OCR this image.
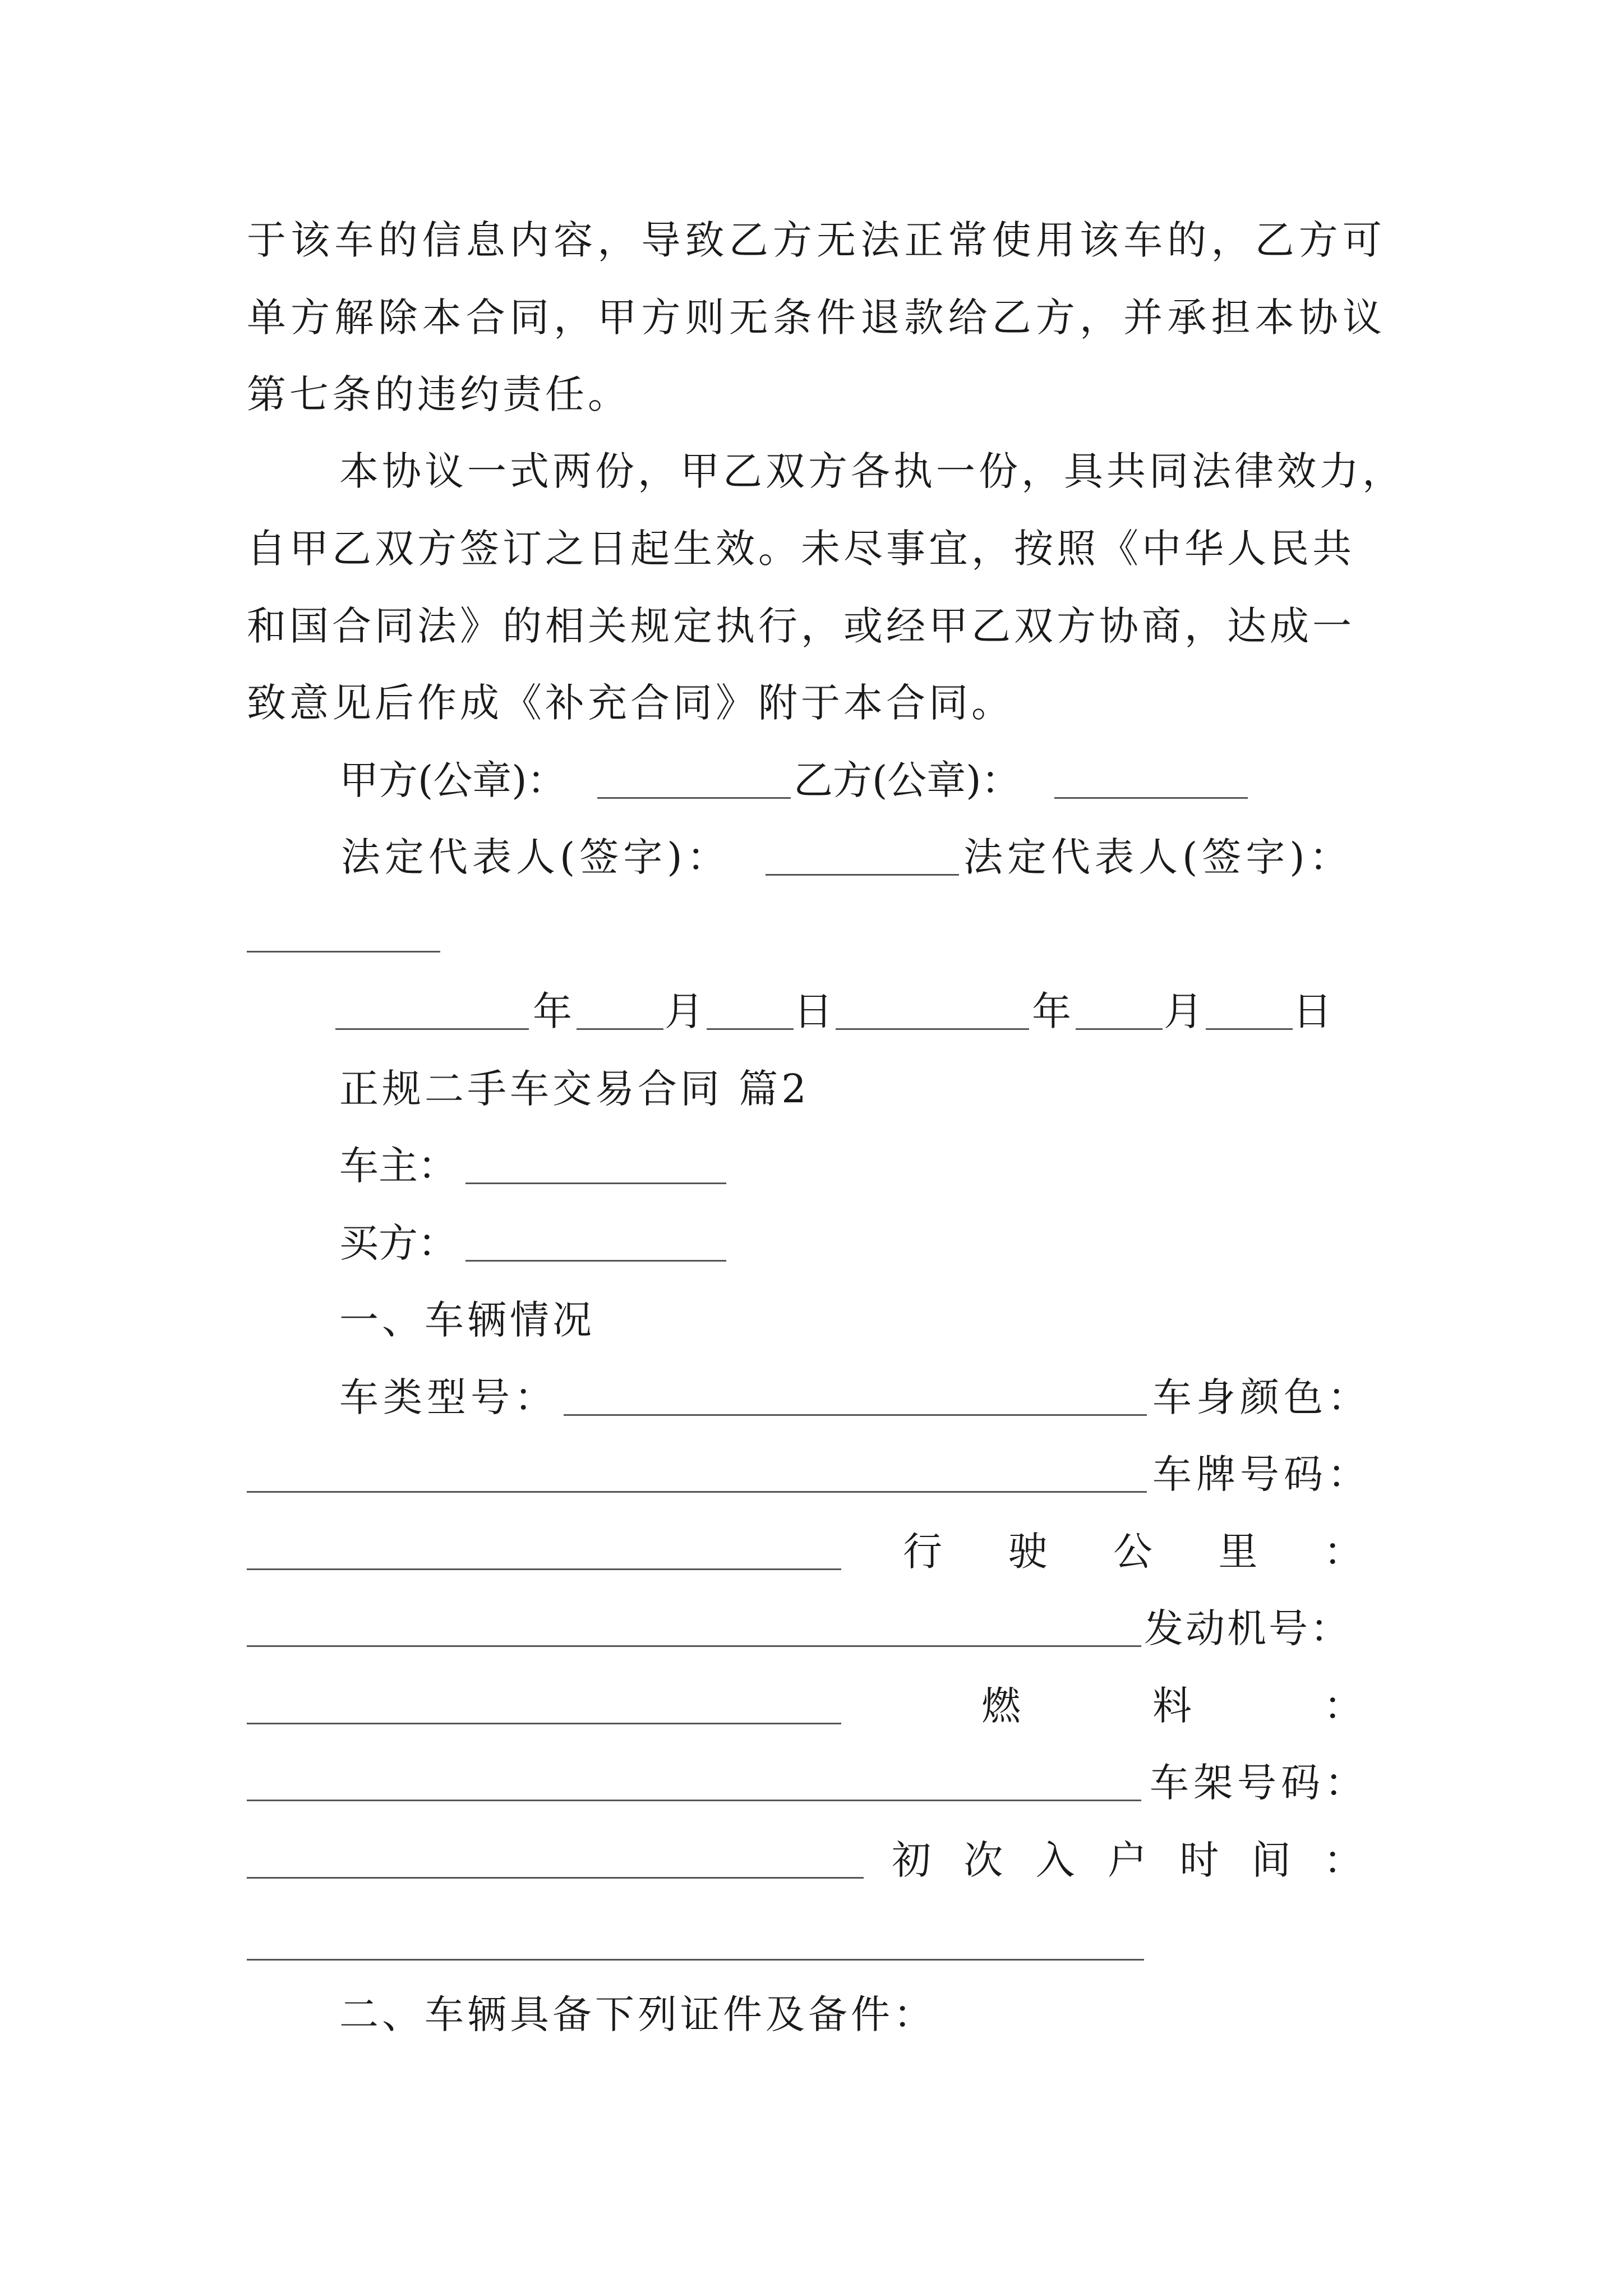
于 该 车 的 信 息 内 容 ， 导 致 乙 方 无 法 正 常 使 用 该 车 的 ， 乙 方 可
单 方 解 除 本 合 同 ， 甲 方 则 无 条 件 退 款 给 乙 方 ， 并 承 担 本 协 议
第七条的违约责任。
本协议一式两份，甲乙双方各执一份，具共同法律效力，
自甲乙双方签订之日起生效。未尽事宜，按照《中华人民共
和国合同法》的相关规定执行，或经甲乙双方协商，达成一
致意见后作成《补充合同》附于本合同。
甲方(公章)：	乙方(公章)：
法定代表人(签字)：	法定代表人(签字)：
年 月 日	年 月 日
正规二手车交易合同 篇2
车主：
买方：
一、车辆情况
车类型号：	车身颜色：
车牌号码：
行 驶 公 里 ：
发动机号：
燃	料	：
车架号码：
初 次 入 户 时 间 ：
二、车辆具备下列证件及备件：
